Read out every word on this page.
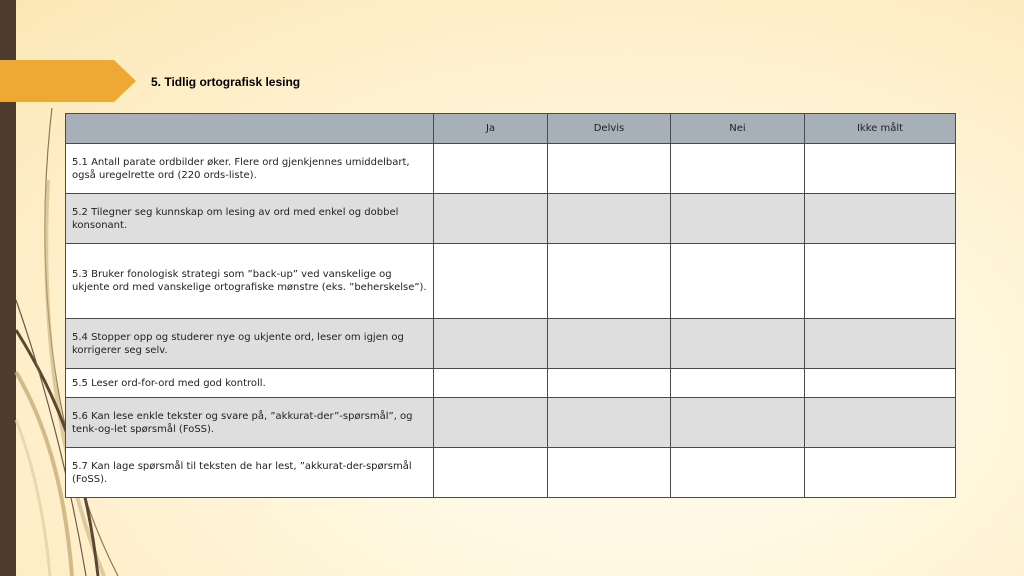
5. Tidlig ortografisk lesing
	Ja	Delvis	Nei	Ikke målt
5.1 Antall parate ordbilder øker. Flere ord gjenkjennes umiddelbart, også uregelrette ord (220 ords-liste).				
5.2 Tilegner seg kunnskap om lesing av ord med enkel og dobbel konsonant.				
5.3 Bruker fonologisk strategi som ”back-up” ved vanskelige og ukjente ord med vanskelige ortografiske mønstre (eks. ”beherskelse”).				
5.4 Stopper opp og studerer nye og ukjente ord, leser om igjen og korrigerer seg selv.				
5.5 Leser ord-for-ord med god kontroll.				
5.6 Kan lese enkle tekster og svare på, ”akkurat-der”-spørsmål”, og tenk-og-let spørsmål (FoSS).				
5.7 Kan lage spørsmål til teksten de har lest, ”akkurat-der-spørsmål (FoSS).				
